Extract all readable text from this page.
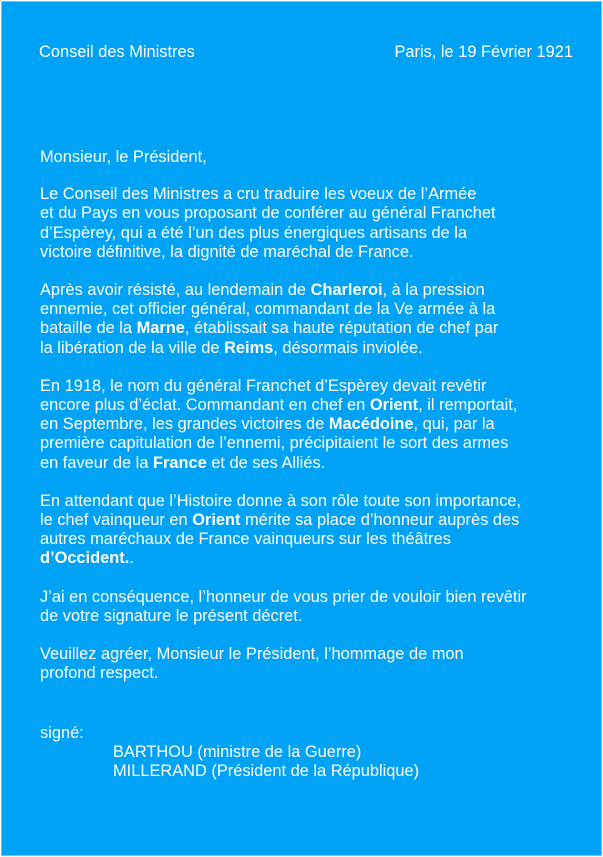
Conseil des Ministres	Paris, le 19 Février 1921

Monsieur, le Président,

Le Conseil des Ministres a cru traduire les voeux de l’Armée
et du Pays en vous proposant de conférer au général Franchet
d’Espèrey, qui a été l’un des plus énergiques artisans de la
victoire définitive, la dignité de maréchal de France.

Après avoir résisté, au lendemain de Charleroi, à la pression
ennemie, cet officier général, commandant de la Ve armée à la
bataille de la Marne, établissait sa haute réputation de chef par
la libération de la ville de Reims, désormais inviolée.

En 1918, le nom du général Franchet d’Espèrey devait revêtir
encore plus d’éclat. Commandant en chef en Orient, il remportait,
en Septembre, les grandes victoires de Macédoine, qui, par la
première capitulation de l’ennemi, précipitaient le sort des armes
en faveur de la France et de ses Alliés.

En attendant que l’Histoire donne à son rôle toute son importance,
le chef vainqueur en Orient mérite sa place d’honneur auprès des
autres maréchaux de France vainqueurs sur les théâtres
d’Occident..

J’ai en conséquence, l’honneur de vous prier de vouloir bien revêtir
de votre signature le présent décret.

Veuillez agréer, Monsieur le Président, l’hommage de mon
profond respect.

signé:

BARTHOU (ministre de la Guerre)

MILLERAND (Président de la République)
